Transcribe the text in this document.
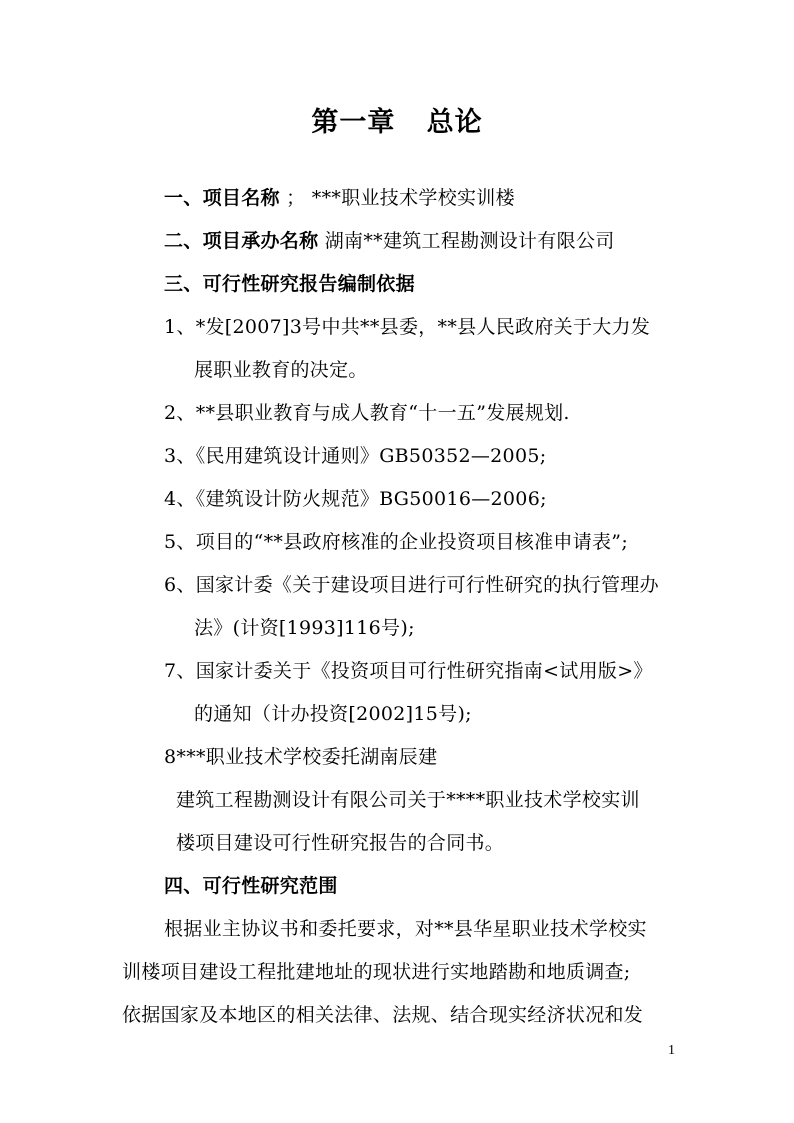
第一章   总论
一、项目名称 ； ***职业技术学校实训楼
二、项目承办名称 湖南**建筑工程勘测设计有限公司
三、可行性研究报告编制依据
1、*发[2007]3号中共**县委，**县人民政府关于大力发
展职业教育的决定。
2、**县职业教育与成人教育“十一五”发展规划.
3、《民用建筑设计通则》GB50352—2005;
4、《建筑设计防火规范》BG50016—2006;
5、项目的“**县政府核准的企业投资项目核准申请表”;
6、国家计委《关于建设项目进行可行性研究的执行管理办
法》(计资[1993]116号);
7、国家计委关于《投资项目可行性研究指南<试用版>》
的通知（计办投资[2002]15号);
8***职业技术学校委托湖南辰建
建筑工程勘测设计有限公司关于****职业技术学校实训
楼项目建设可行性研究报告的合同书。
四、可行性研究范围
根据业主协议书和委托要求，对**县华星职业技术学校实
训楼项目建设工程批建地址的现状进行实地踏勘和地质调查;
依据国家及本地区的相关法律、法规、结合现实经济状况和发
1
